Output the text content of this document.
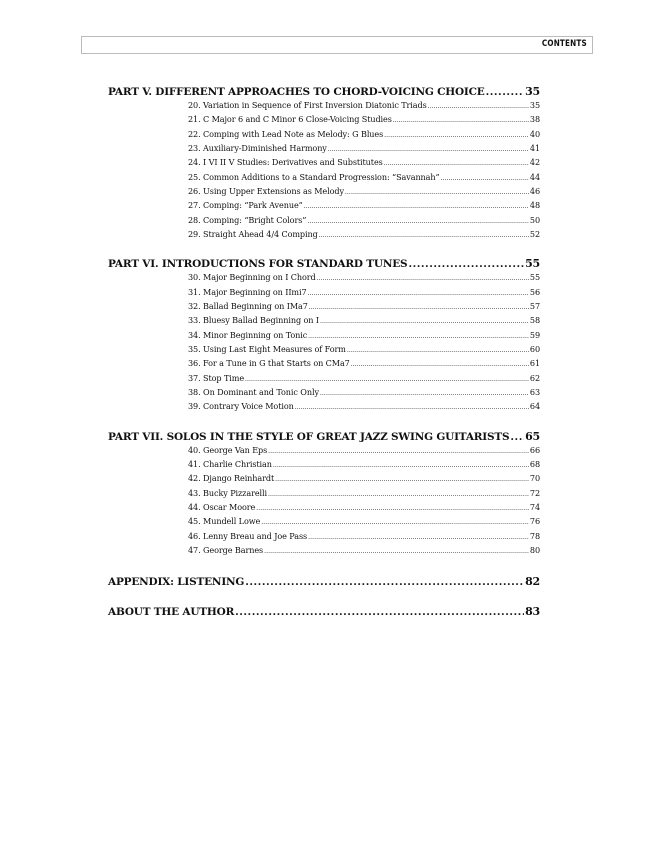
CONTENTS
PART V. DIFFERENT APPROACHES TO CHORD-VOICING CHOICE .....	35
20. Variation in Sequence of First Inversion Diatonic Triads .....	35
21. C Major 6 and C Minor 6 Close-Voicing Studies .....	38
22. Comping with Lead Note as Melody: G Blues .....	40
23. Auxiliary-Diminished Harmony .....	41
24. I VI II V Studies: Derivatives and Substitutes .....	42
25. Common Additions to a Standard Progression: “Savannah” .....	44
26. Using Upper Extensions as Melody .....	46
27. Comping: “Park Avenue” .....	48
28. Comping: “Bright Colors” .....	50
29. Straight Ahead 4/4 Comping .....	52
PART VI. INTRODUCTIONS FOR STANDARD TUNES .....	55
30. Major Beginning on I Chord .....	55
31. Major Beginning on IImi7 .....	56
32. Ballad Beginning on IMa7 .....	57
33. Bluesy Ballad Beginning on I .....	58
34. Minor Beginning on Tonic .....	59
35. Using Last Eight Measures of Form .....	60
36. For a Tune in G that Starts on CMa7 .....	61
37. Stop Time .....	62
38. On Dominant and Tonic Only .....	63
39. Contrary Voice Motion .....	64
PART VII. SOLOS IN THE STYLE OF GREAT JAZZ SWING GUITARISTS ..... 65
40. George Van Eps .....	66
41. Charlie Christian .....	68
42. Django Reinhardt .....	70
43. Bucky Pizzarelli .....	72
44. Oscar Moore .....	74
45. Mundell Lowe .....	76
46. Lenny Breau and Joe Pass .....	78
47. George Barnes .....	80
APPENDIX: LISTENING .....	82
ABOUT THE AUTHOR .....	83
